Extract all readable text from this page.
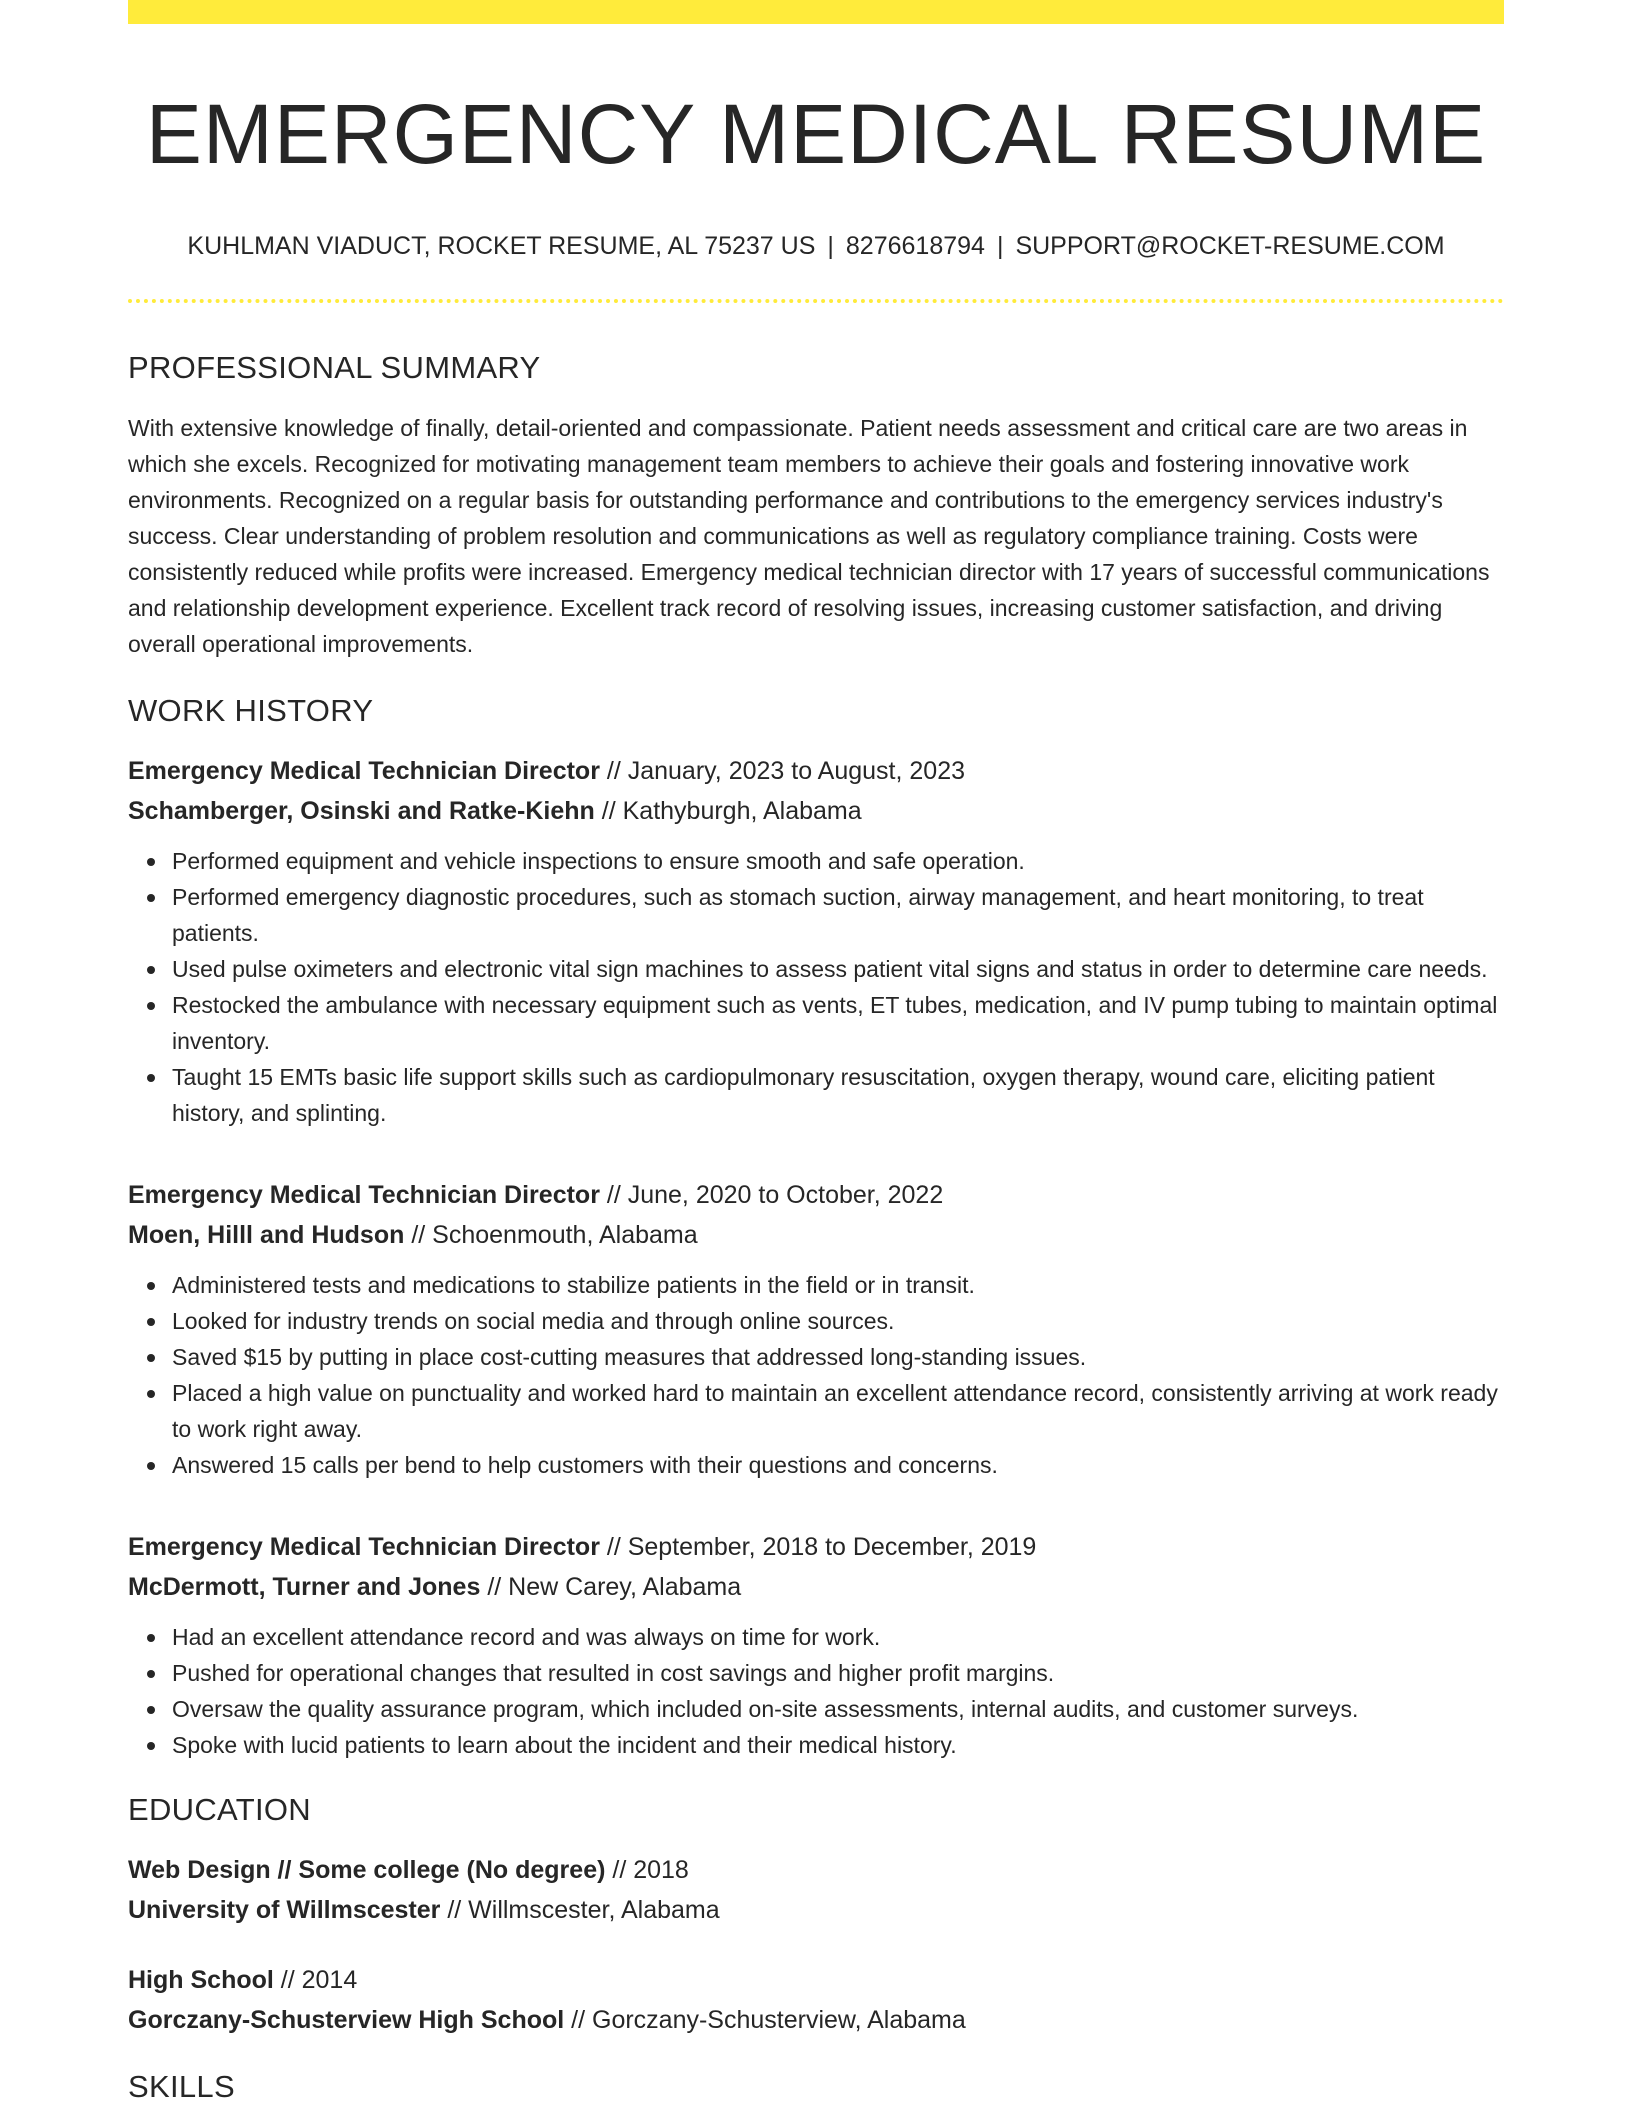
EMERGENCY MEDICAL RESUME
KUHLMAN VIADUCT, ROCKET RESUME, AL 75237 US | 8276618794 | SUPPORT@ROCKET-RESUME.COM
PROFESSIONAL SUMMARY

With extensive knowledge of finally, detail-oriented and compassionate. Patient needs assessment and critical care are two areas in which she excels. Recognized for motivating management team members to achieve their goals and fostering innovative work environments. Recognized on a regular basis for outstanding performance and contributions to the emergency services industry's success. Clear understanding of problem resolution and communications as well as regulatory compliance training. Costs were consistently reduced while profits were increased. Emergency medical technician director with 17 years of successful communications and relationship development experience. Excellent track record of resolving issues, increasing customer satisfaction, and driving overall operational improvements.

WORK HISTORY
Emergency Medical Technician Director // January, 2023 to August, 2023
Schamberger, Osinski and Ratke-Kiehn // Kathyburgh, Alabama
Performed equipment and vehicle inspections to ensure smooth and safe operation.
Performed emergency diagnostic procedures, such as stomach suction, airway management, and heart monitoring, to treat patients.
Used pulse oximeters and electronic vital sign machines to assess patient vital signs and status in order to determine care needs.
Restocked the ambulance with necessary equipment such as vents, ET tubes, medication, and IV pump tubing to maintain optimal inventory.
Taught 15 EMTs basic life support skills such as cardiopulmonary resuscitation, oxygen therapy, wound care, eliciting patient history, and splinting.
Emergency Medical Technician Director // June, 2020 to October, 2022
Moen, Hilll and Hudson // Schoenmouth, Alabama
Administered tests and medications to stabilize patients in the field or in transit.
Looked for industry trends on social media and through online sources.
Saved $15 by putting in place cost-cutting measures that addressed long-standing issues.
Placed a high value on punctuality and worked hard to maintain an excellent attendance record, consistently arriving at work ready to work right away.
Answered 15 calls per bend to help customers with their questions and concerns.
Emergency Medical Technician Director // September, 2018 to December, 2019
McDermott, Turner and Jones // New Carey, Alabama
Had an excellent attendance record and was always on time for work.
Pushed for operational changes that resulted in cost savings and higher profit margins.
Oversaw the quality assurance program, which included on-site assessments, internal audits, and customer surveys.
Spoke with lucid patients to learn about the incident and their medical history.
EDUCATION
Web Design // Some college (No degree) // 2018
University of Willmscester // Willmscester, Alabama
High School // 2014
Gorczany-Schusterview High School // Gorczany-Schusterview, Alabama
SKILLS
